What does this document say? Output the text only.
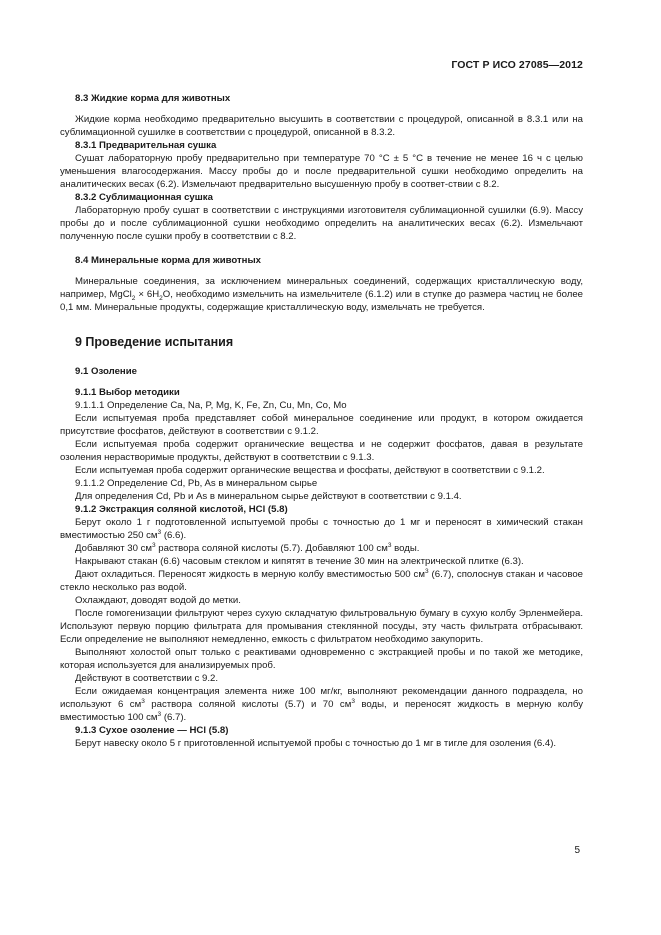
ГОСТ Р ИСО 27085—2012
8.3 Жидкие корма для животных

Жидкие корма необходимо предварительно высушить в соответствии с процедурой, описанной в 8.3.1 или на сублимационной сушилке в соответствии с процедурой, описанной в 8.3.2.

8.3.1 Предварительная сушка

Сушат лабораторную пробу предварительно при температуре 70 °C ± 5 °C в течение не менее 16 ч с целью уменьшения влагосодержания. Массу пробы до и после предварительной сушки необходимо определить на аналитических весах (6.2). Измельчают предварительно высушенную пробу в соответ-ствии с 8.2.

8.3.2 Сублимационная сушка

Лабораторную пробу сушат в соответствии с инструкциями изготовителя сублимационной сушилки (6.9). Массу пробы до и после сублимационной сушки необходимо определить на аналитических весах (6.2). Измельчают полученную после сушки пробу в соответствии с 8.2.

8.4 Минеральные корма для животных

Минеральные соединения, за исключением минеральных соединений, содержащих кристаллическую воду, например, MgCl$_2$ × $6H_2O$, необходимо измельчить на измельчителе (6.1.2) или в ступке до размера частиц не более 0,1 мм. Минеральные продукты, содержащие кристаллическую воду, измельчать не требуется.

9 Проведение испытания
9.1 Озоление
9.1.1 Выбор методики

9.1.1.1 Определение Ca, Na, P, Mg, K, Fe, Zn, Cu, Mn, Co, Mo

Если испытуемая проба представляет собой минеральное соединение или продукт, в котором ожидается присутствие фосфатов, действуют в соответствии с 9.1.2.

Если испытуемая проба содержит органические вещества и не содержит фосфатов, давая в результате озоления нерастворимые продукты, действуют в соответствии с 9.1.3.

Если испытуемая проба содержит органические вещества и фосфаты, действуют в соответствии с 9.1.2.

9.1.1.2 Определение Cd, Pb, As в минеральном сырье

Для определения Cd, Pb и As в минеральном сырье действуют в соответствии с 9.1.4.

9.1.2 Экстракция соляной кислотой, HCl (5.8)

Берут около 1 г подготовленной испытуемой пробы с точностью до 1 мг и переносят в химический стакан вместимостью 250 $см^3$ (6.6).

Добавляют 30 $см^3$ раствора соляной кислоты (5.7). Добавляют 100 $см^3$ воды.

Накрывают стакан (6.6) часовым стеклом и кипятят в течение 30 мин на электрической плитке (6.3).

Дают охладиться. Переносят жидкость в мерную колбу вместимостью 500 $см^3$ (6.7), сполоснув стакан и часовое стекло несколько раз водой.

Охлаждают, доводят водой до метки.

После гомогенизации фильтруют через сухую складчатую фильтровальную бумагу в сухую колбу Эрленмейера. Используют первую порцию фильтрата для промывания стеклянной посуды, эту часть фильтрата отбрасывают. Если определение не выполняют немедленно, емкость с фильтратом необходимо закупорить.

Выполняют холостой опыт только с реактивами одновременно с экстракцией пробы и по такой же методике, которая используется для анализируемых проб.

Действуют в соответствии с 9.2.

Если ожидаемая концентрация элемента ниже 100 мг/кг, выполняют рекомендации данного подраздела, но используют 6 $см^3$ раствора соляной кислоты (5.7) и 70 $см^3$ воды, и переносят жидкость в мерную колбу вместимостью 100 $см^3$ (6.7).

9.1.3 Сухое озоление — HCl (5.8)

Берут навеску около 5 г приготовленной испытуемой пробы с точностью до 1 мг в тигле для озоления (6.4).

5
